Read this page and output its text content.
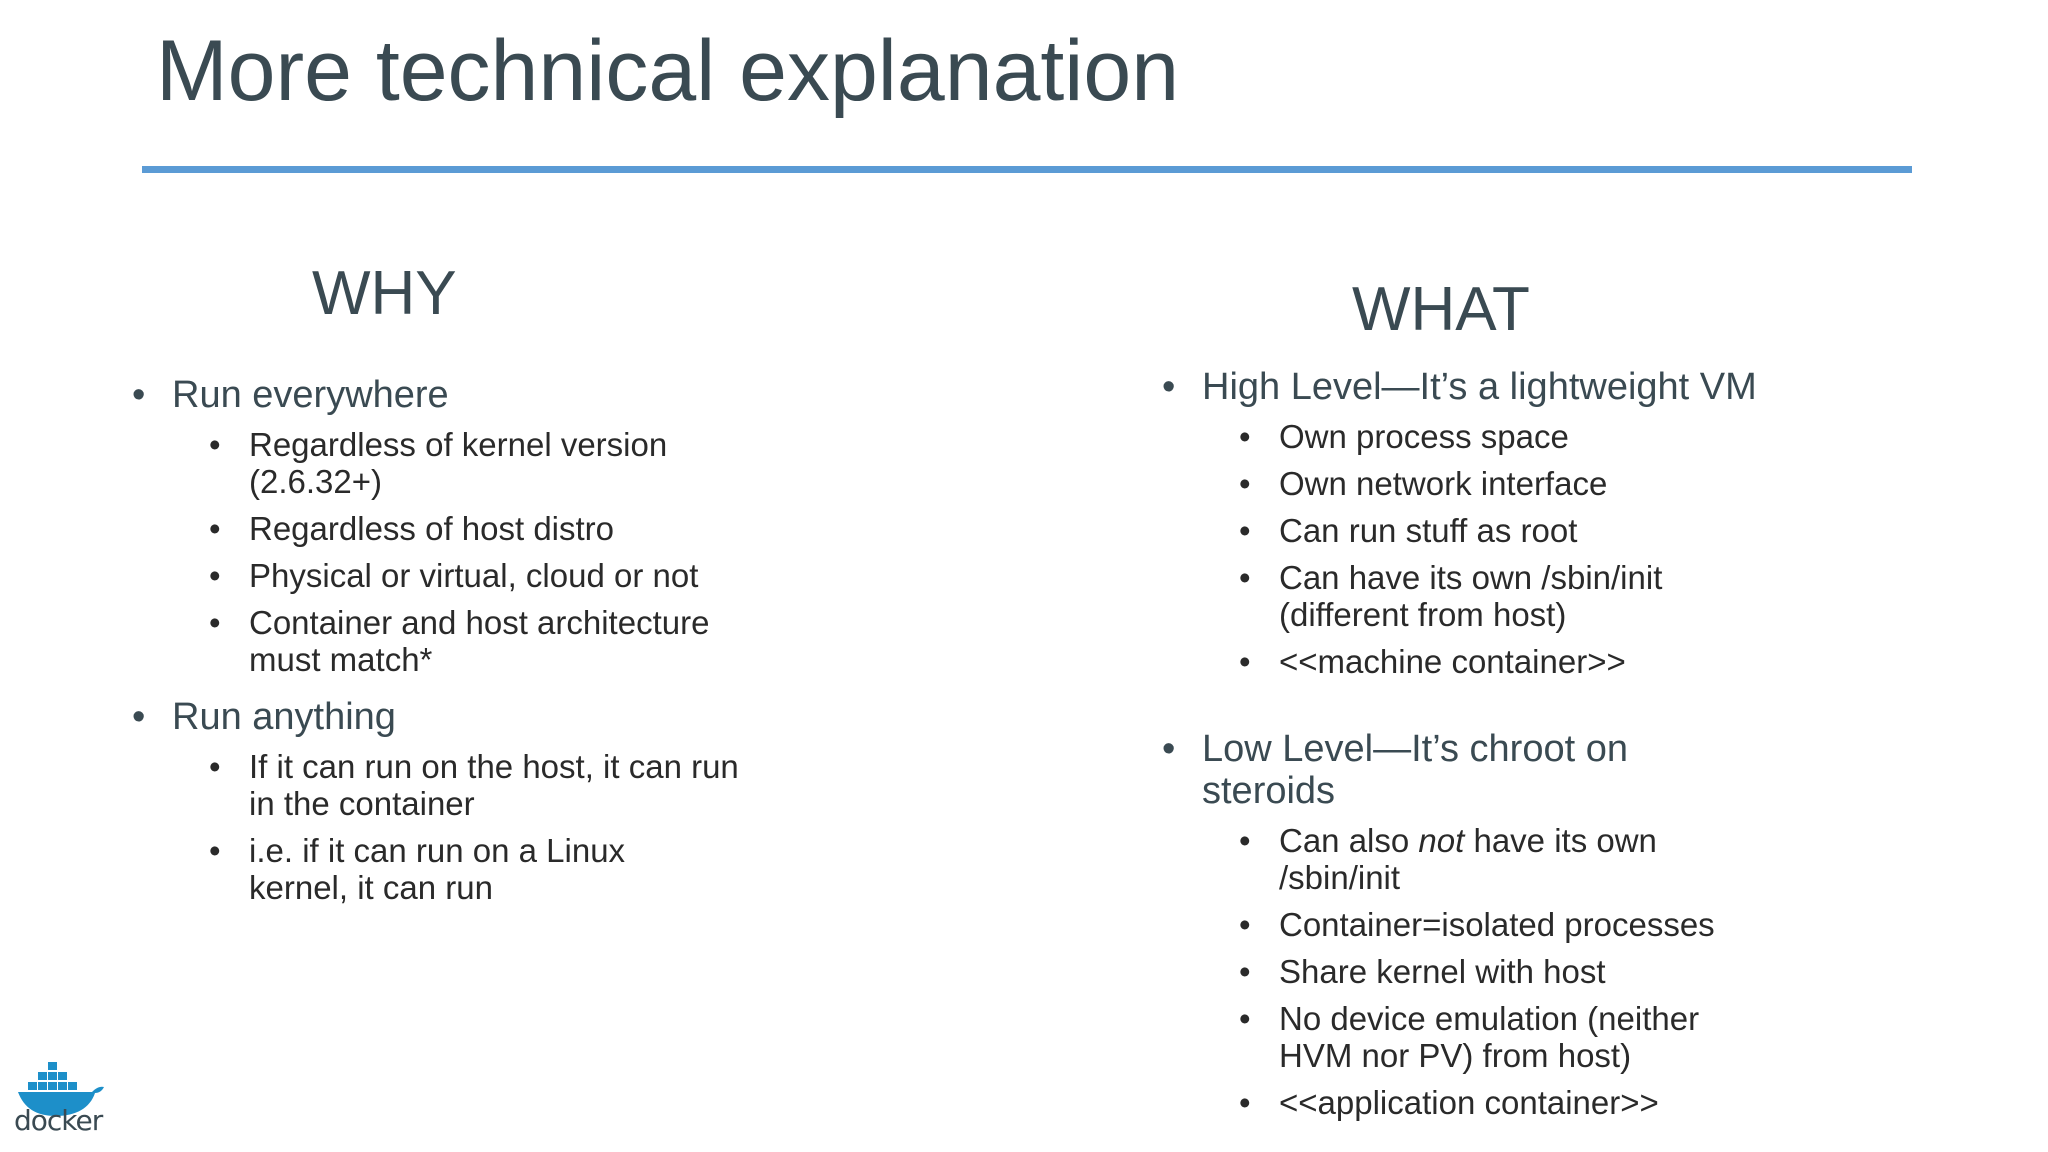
More technical explanation
WHY
• Run everywhere
• Regardless of kernel version (2.6.32+)
• Regardless of host distro
• Physical or virtual, cloud or not
• Container and host architecture must match*
• Run anything
• If it can run on the host, it can run in the container
• i.e. if it can run on a Linux kernel, it can run
WHAT
• High Level—It’s a lightweight VM
• Own process space
• Own network interface
• Can run stuff as root
• Can have its own /sbin/init (different from host)
• <<machine container>>
• Low Level—It’s chroot on steroids
• Can also not have its own /sbin/init
• Container=isolated processes
• Share kernel with host
• No device emulation (neither HVM nor PV) from host)
• <<application container>>
docker
